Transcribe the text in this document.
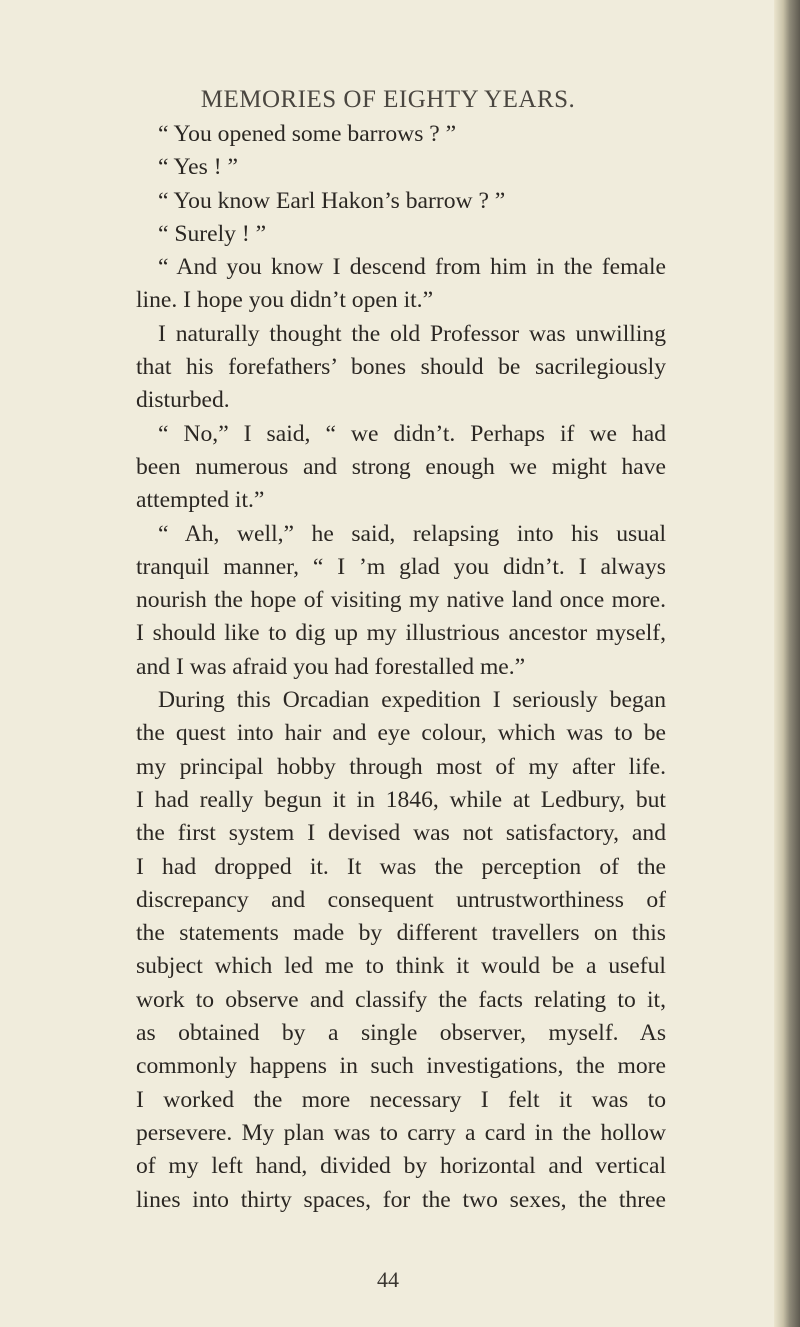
MEMORIES OF EIGHTY YEARS.

“ You opened some barrows ? ”

“ Yes ! ”

“ You know Earl Hakon’s barrow ? ”

“ Surely ! ”

“ And you know I descend from him in the female

line. I hope you didn’t open it.”

I naturally thought the old Professor was unwilling

that his forefathers’ bones should be sacrilegiously

disturbed.

“ No,” I said, “ we didn’t. Perhaps if we had

been numerous and strong enough we might have

attempted it.”

“ Ah, well,” he said, relapsing into his usual

tranquil manner, “ I ’m glad you didn’t. I always

nourish the hope of visiting my native land once more.

I should like to dig up my illustrious ancestor myself,

and I was afraid you had forestalled me.”

During this Orcadian expedition I seriously began

the quest into hair and eye colour, which was to be

my principal hobby through most of my after life.

I had really begun it in 1846, while at Ledbury, but

the first system I devised was not satisfactory, and

I had dropped it. It was the perception of the

discrepancy and consequent untrustworthiness of

the statements made by different travellers on this

subject which led me to think it would be a useful

work to observe and classify the facts relating to it,

as obtained by a single observer, myself. As

commonly happens in such investigations, the more

I worked the more necessary I felt it was to

persevere. My plan was to carry a card in the hollow

of my left hand, divided by horizontal and vertical

lines into thirty spaces, for the two sexes, the three

44
